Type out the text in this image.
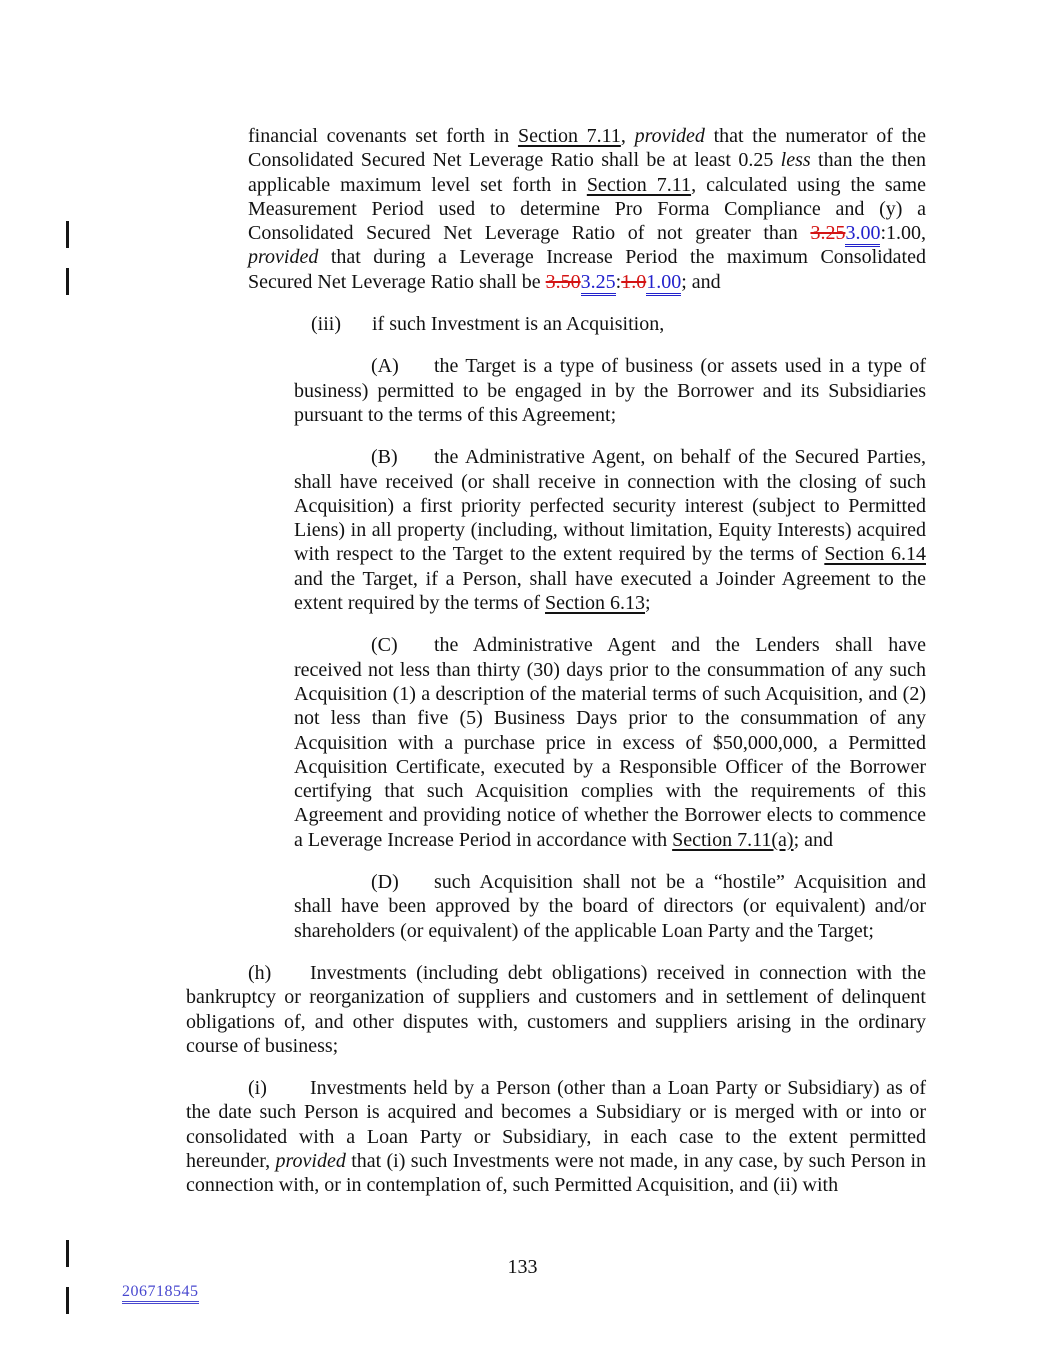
financial covenants set forth in Section 7.11, provided that the numerator of the Consolidated Secured Net Leverage Ratio shall be at least 0.25 less than the then applicable maximum level set forth in Section 7.11, calculated using the same Measurement Period used to determine Pro Forma Compliance and (y) a Consolidated Secured Net Leverage Ratio of not greater than 3.253.00:1.00, provided that during a Leverage Increase Period the maximum Consolidated Secured Net Leverage Ratio shall be 3.503.25:1.01.00; and

(iii) if such Investment is an Acquisition,

(A) the Target is a type of business (or assets used in a type of business) permitted to be engaged in by the Borrower and its Subsidiaries pursuant to the terms of this Agreement;

(B) the Administrative Agent, on behalf of the Secured Parties, shall have received (or shall receive in connection with the closing of such Acquisition) a first priority perfected security interest (subject to Permitted Liens) in all property (including, without limitation, Equity Interests) acquired with respect to the Target to the extent required by the terms of Section 6.14 and the Target, if a Person, shall have executed a Joinder Agreement to the extent required by the terms of Section 6.13;

(C) the Administrative Agent and the Lenders shall have received not less than thirty (30) days prior to the consummation of any such Acquisition (1) a description of the material terms of such Acquisition, and (2) not less than five (5) Business Days prior to the consummation of any Acquisition with a purchase price in excess of $50,000,000, a Permitted Acquisition Certificate, executed by a Responsible Officer of the Borrower certifying that such Acquisition complies with the requirements of this Agreement and providing notice of whether the Borrower elects to commence a Leverage Increase Period in accordance with Section 7.11(a); and

(D) such Acquisition shall not be a “hostile” Acquisition and shall have been approved by the board of directors (or equivalent) and/or shareholders (or equivalent) of the applicable Loan Party and the Target;

(h) Investments (including debt obligations) received in connection with the bankruptcy or reorganization of suppliers and customers and in settlement of delinquent obligations of, and other disputes with, customers and suppliers arising in the ordinary course of business;

(i) Investments held by a Person (other than a Loan Party or Subsidiary) as of the date such Person is acquired and becomes a Subsidiary or is merged with or into or consolidated with a Loan Party or Subsidiary, in each case to the extent permitted hereunder, provided that (i) such Investments were not made, in any case, by such Person in connection with, or in contemplation of, such Permitted Acquisition, and (ii) with

133
206718545
